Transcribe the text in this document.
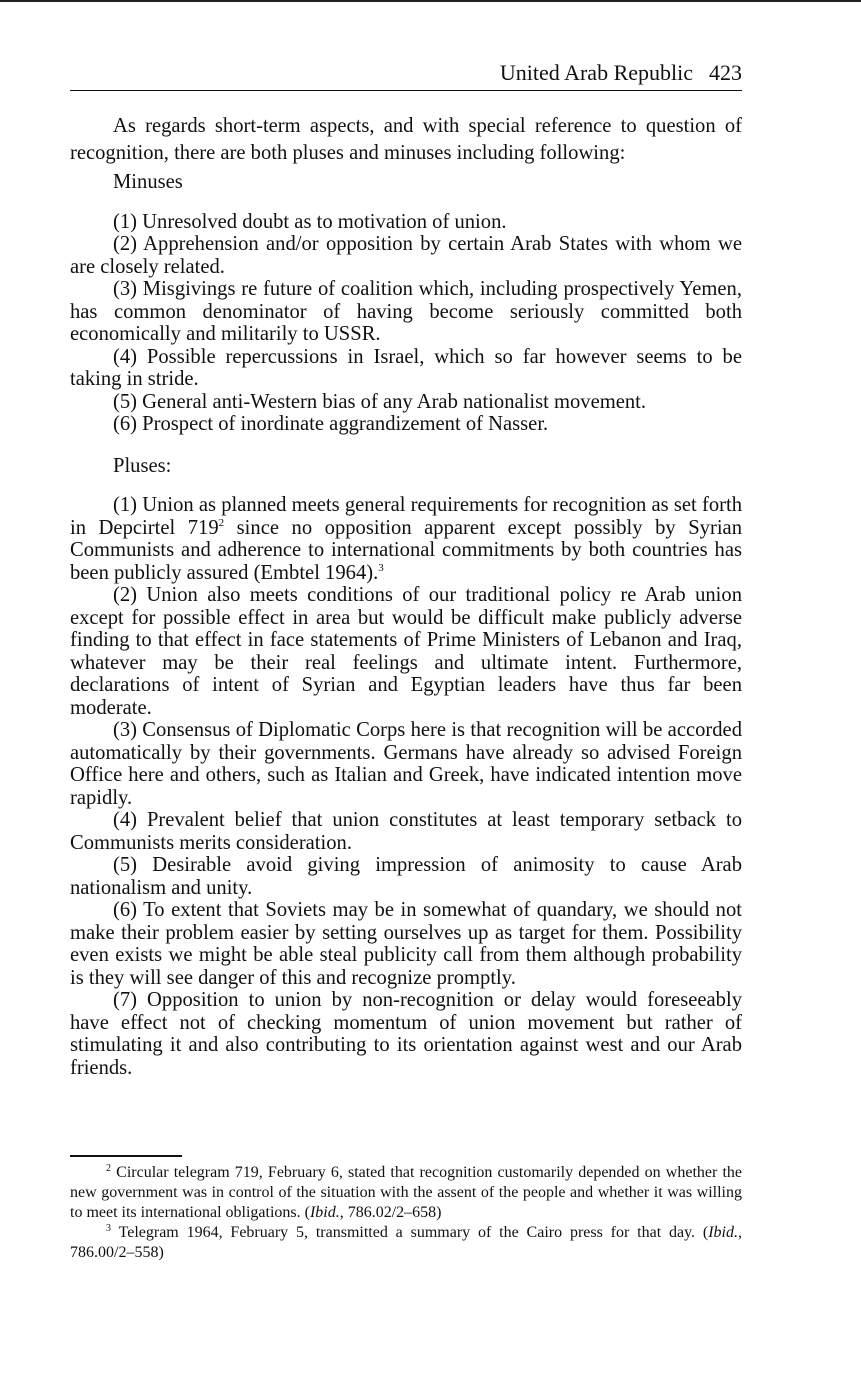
United Arab Republic 423

As regards short-term aspects, and with special reference to question of recognition, there are both pluses and minuses including following:

Minuses

(1) Unresolved doubt as to motivation of union.

(2) Apprehension and/or opposition by certain Arab States with whom we are closely related.

(3) Misgivings re future of coalition which, including prospectively Yemen, has common denominator of having become seriously committed both economically and militarily to USSR.

(4) Possible repercussions in Israel, which so far however seems to be taking in stride.

(5) General anti-Western bias of any Arab nationalist movement.

(6) Prospect of inordinate aggrandizement of Nasser.

Pluses:

(1) Union as planned meets general requirements for recognition as set forth in Depcirtel $719^2$ since no opposition apparent except possibly by Syrian Communists and adherence to international commitments by both countries has been publicly assured (Embtel 1964).$^3$

(2) Union also meets conditions of our traditional policy re Arab union except for possible effect in area but would be difficult make publicly adverse finding to that effect in face statements of Prime Ministers of Lebanon and Iraq, whatever may be their real feelings and ultimate intent. Furthermore, declarations of intent of Syrian and Egyptian leaders have thus far been moderate.

(3) Consensus of Diplomatic Corps here is that recognition will be accorded automatically by their governments. Germans have already so advised Foreign Office here and others, such as Italian and Greek, have indicated intention move rapidly.

(4) Prevalent belief that union constitutes at least temporary setback to Communists merits consideration.

(5) Desirable avoid giving impression of animosity to cause Arab nationalism and unity.

(6) To extent that Soviets may be in somewhat of quandary, we should not make their problem easier by setting ourselves up as target for them. Possibility even exists we might be able steal publicity call from them although probability is they will see danger of this and recognize promptly.

(7) Opposition to union by non-recognition or delay would foreseeably have effect not of checking momentum of union movement but rather of stimulating it and also contributing to its orientation against west and our Arab friends.

$^2$ Circular telegram 719, February 6, stated that recognition customarily depended on whether the new government was in control of the situation with the assent of the people and whether it was willing to meet its international obligations. (Ibid., 786.02/2–658)

$^3$ Telegram 1964, February 5, transmitted a summary of the Cairo press for that day. (Ibid., 786.00/2–558)
